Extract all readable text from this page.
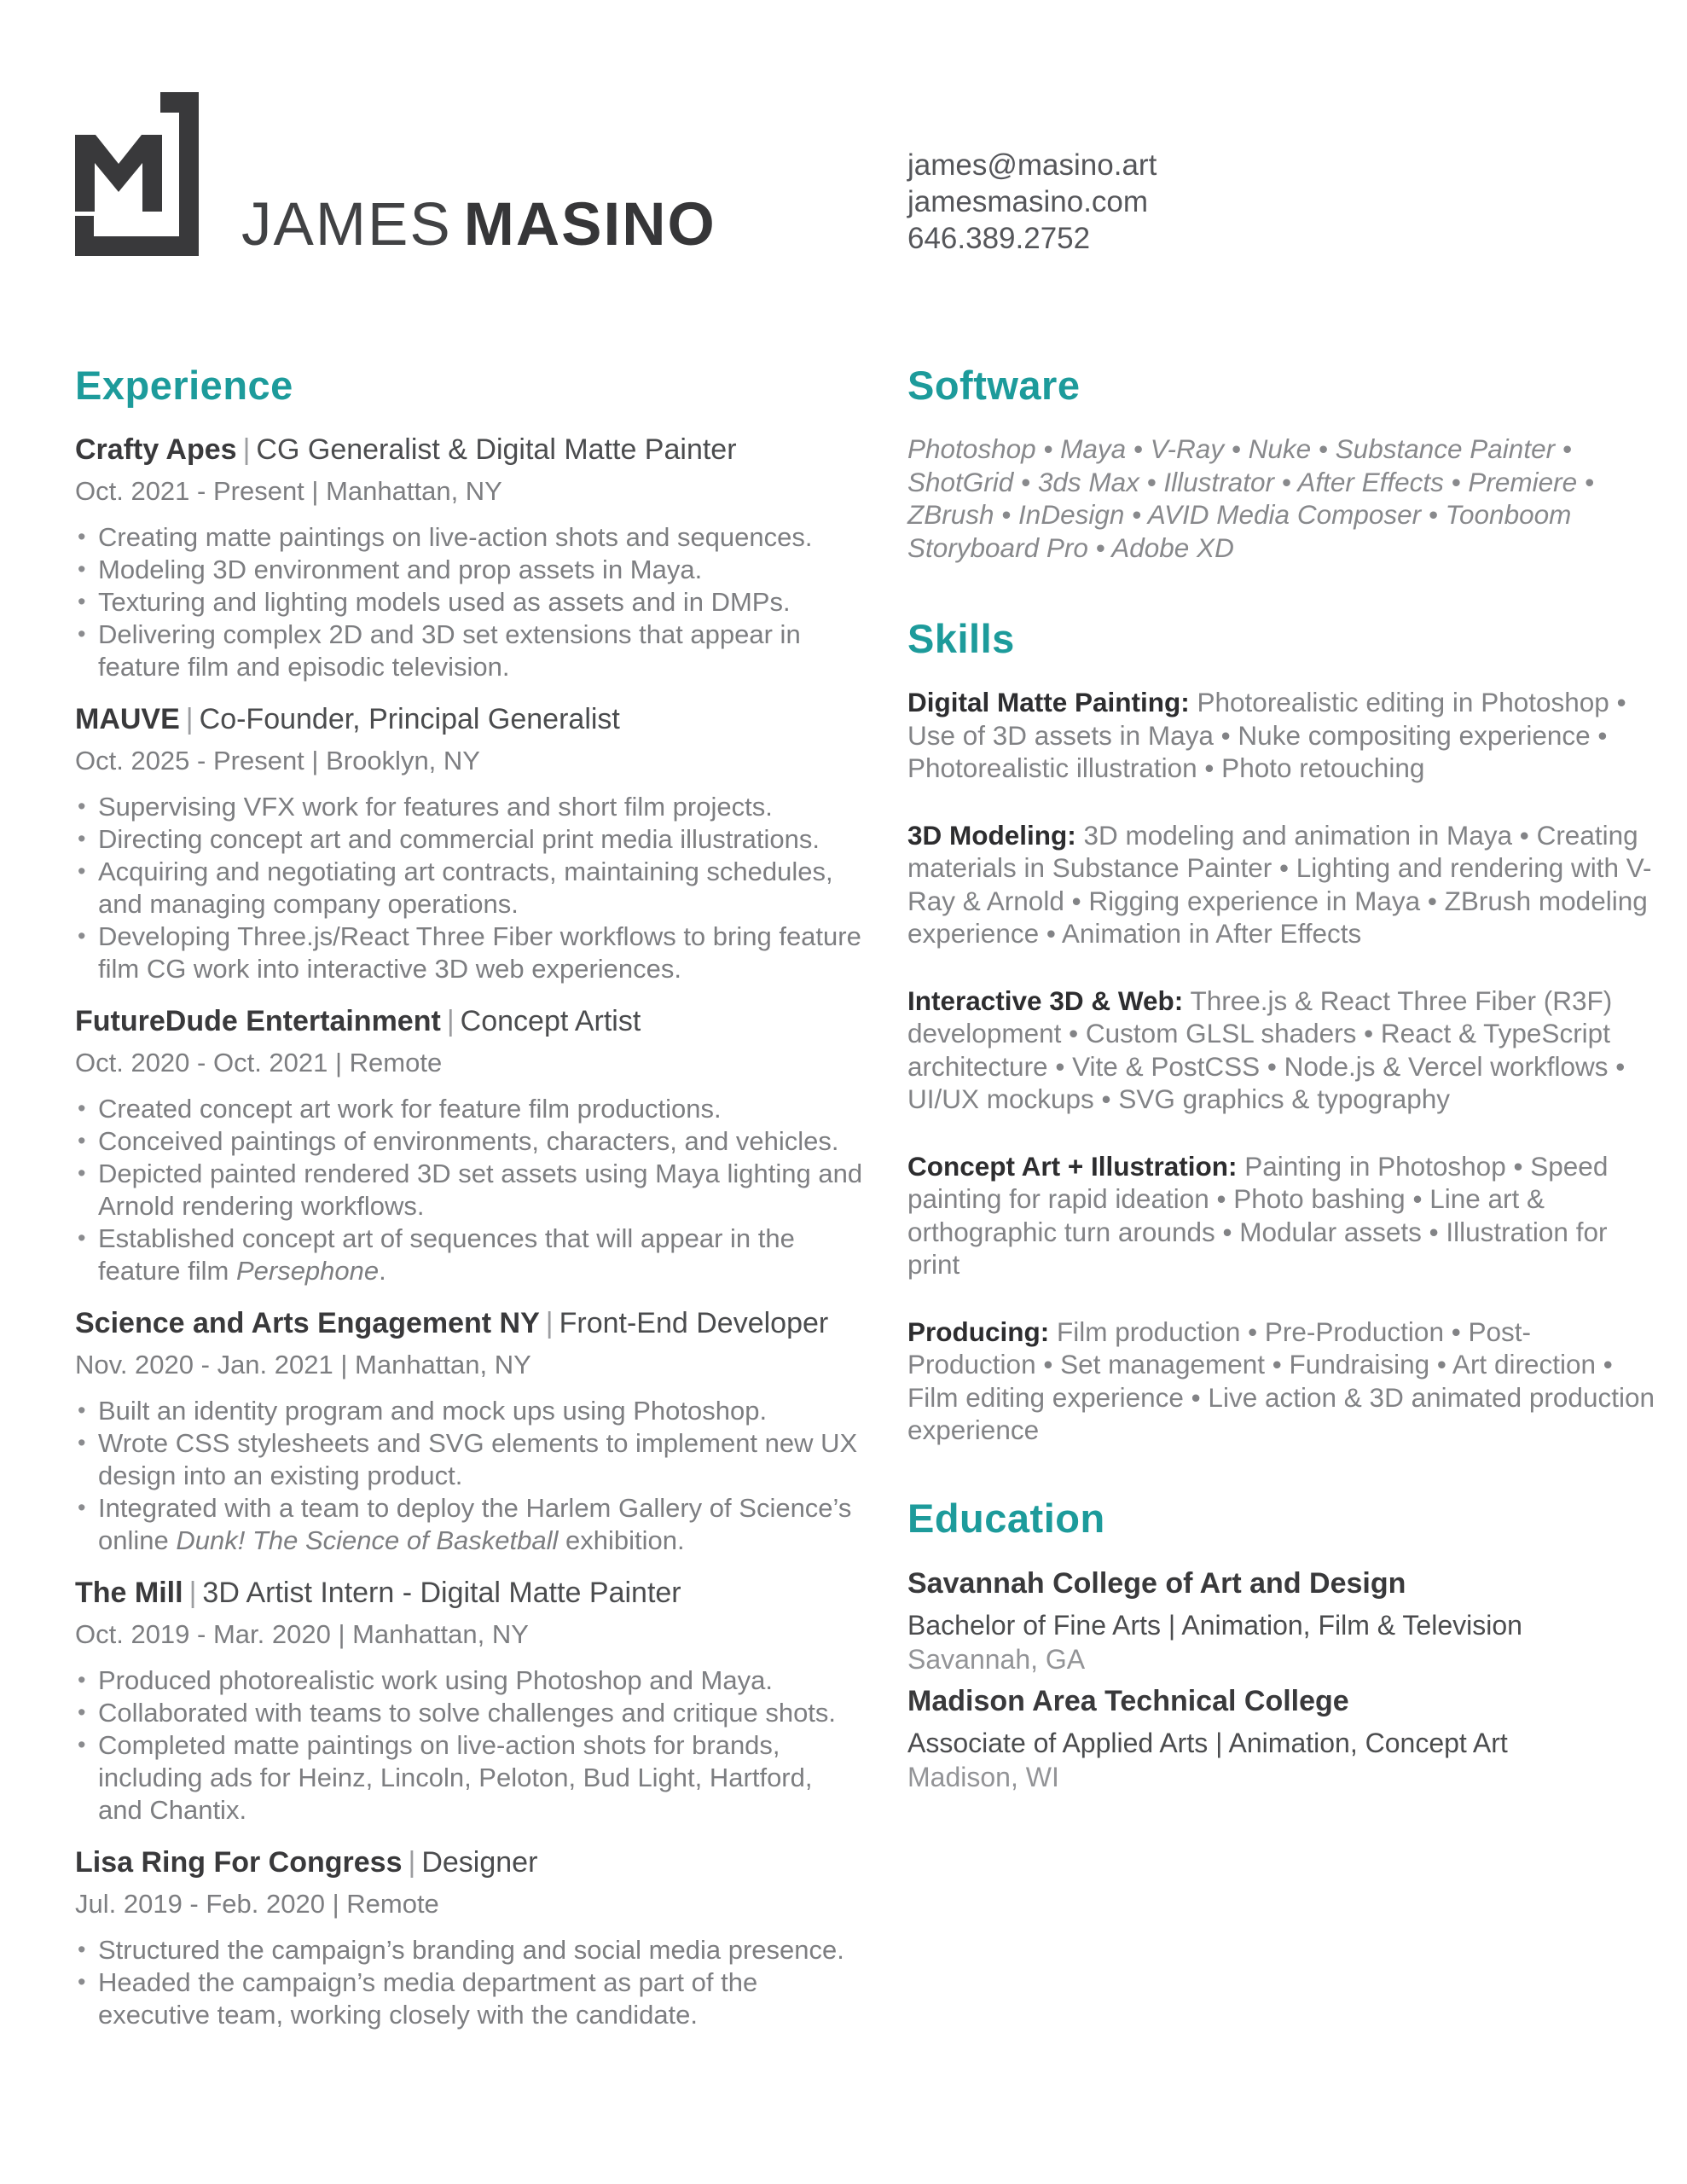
JAMES MASINO
james@masino.art
jamesmasino.com
646.389.2752
Experience
Crafty Apes | CG Generalist & Digital Matte Painter
Oct. 2021 - Present | Manhattan, NY
• Creating matte paintings on live-action shots and sequences.
• Modeling 3D environment and prop assets in Maya.
• Texturing and lighting models used as assets and in DMPs.
• Delivering complex 2D and 3D set extensions that appear in feature film and episodic television.
MAUVE | Co-Founder, Principal Generalist
Oct. 2025 - Present | Brooklyn, NY
• Supervising VFX work for features and short film projects.
• Directing concept art and commercial print media illustrations.
• Acquiring and negotiating art contracts, maintaining schedules, and managing company operations.
• Developing Three.js/React Three Fiber workflows to bring feature film CG work into interactive 3D web experiences.
FutureDude Entertainment | Concept Artist
Oct. 2020 - Oct. 2021 | Remote
• Created concept art work for feature film productions.
• Conceived paintings of environments, characters, and vehicles.
• Depicted painted rendered 3D set assets using Maya lighting and Arnold rendering workflows.
• Established concept art of sequences that will appear in the feature film Persephone.
Science and Arts Engagement NY | Front-End Developer
Nov. 2020 - Jan. 2021 | Manhattan, NY
• Built an identity program and mock ups using Photoshop.
• Wrote CSS stylesheets and SVG elements to implement new UX design into an existing product.
• Integrated with a team to deploy the Harlem Gallery of Science’s online Dunk! The Science of Basketball exhibition.
The Mill | 3D Artist Intern - Digital Matte Painter
Oct. 2019 - Mar. 2020 | Manhattan, NY
• Produced photorealistic work using Photoshop and Maya.
• Collaborated with teams to solve challenges and critique shots.
• Completed matte paintings on live-action shots for brands, including ads for Heinz, Lincoln, Peloton, Bud Light, Hartford, and Chantix.
Lisa Ring For Congress | Designer
Jul. 2019 - Feb. 2020 | Remote
• Structured the campaign’s branding and social media presence.
• Headed the campaign’s media department as part of the executive team, working closely with the candidate.
Software

Photoshop • Maya • V-Ray • Nuke • Substance Painter • ShotGrid • 3ds Max • Illustrator • After Effects • Premiere • ZBrush • InDesign • AVID Media Composer • Toonboom Storyboard Pro • Adobe XD

Skills

Digital Matte Painting: Photorealistic editing in Photoshop • Use of 3D assets in Maya • Nuke compositing experience • Photorealistic illustration • Photo retouching

3D Modeling: 3D modeling and animation in Maya • Creating materials in Substance Painter • Lighting and rendering with V-Ray & Arnold • Rigging experience in Maya • ZBrush modeling experience • Animation in After Effects

Interactive 3D & Web: Three.js & React Three Fiber (R3F) development • Custom GLSL shaders • React & TypeScript architecture • Vite & PostCSS • Node.js & Vercel workflows • UI/UX mockups • SVG graphics & typography

Concept Art + Illustration: Painting in Photoshop • Speed painting for rapid ideation • Photo bashing • Line art & orthographic turn arounds • Modular assets • Illustration for print

Producing: Film production • Pre-Production • Post-Production • Set management • Fundraising • Art direction • Film editing experience • Live action & 3D animated production experience

Education
Savannah College of Art and Design
Bachelor of Fine Arts | Animation, Film & Television
Savannah, GA
Madison Area Technical College
Associate of Applied Arts | Animation, Concept Art
Madison, WI
